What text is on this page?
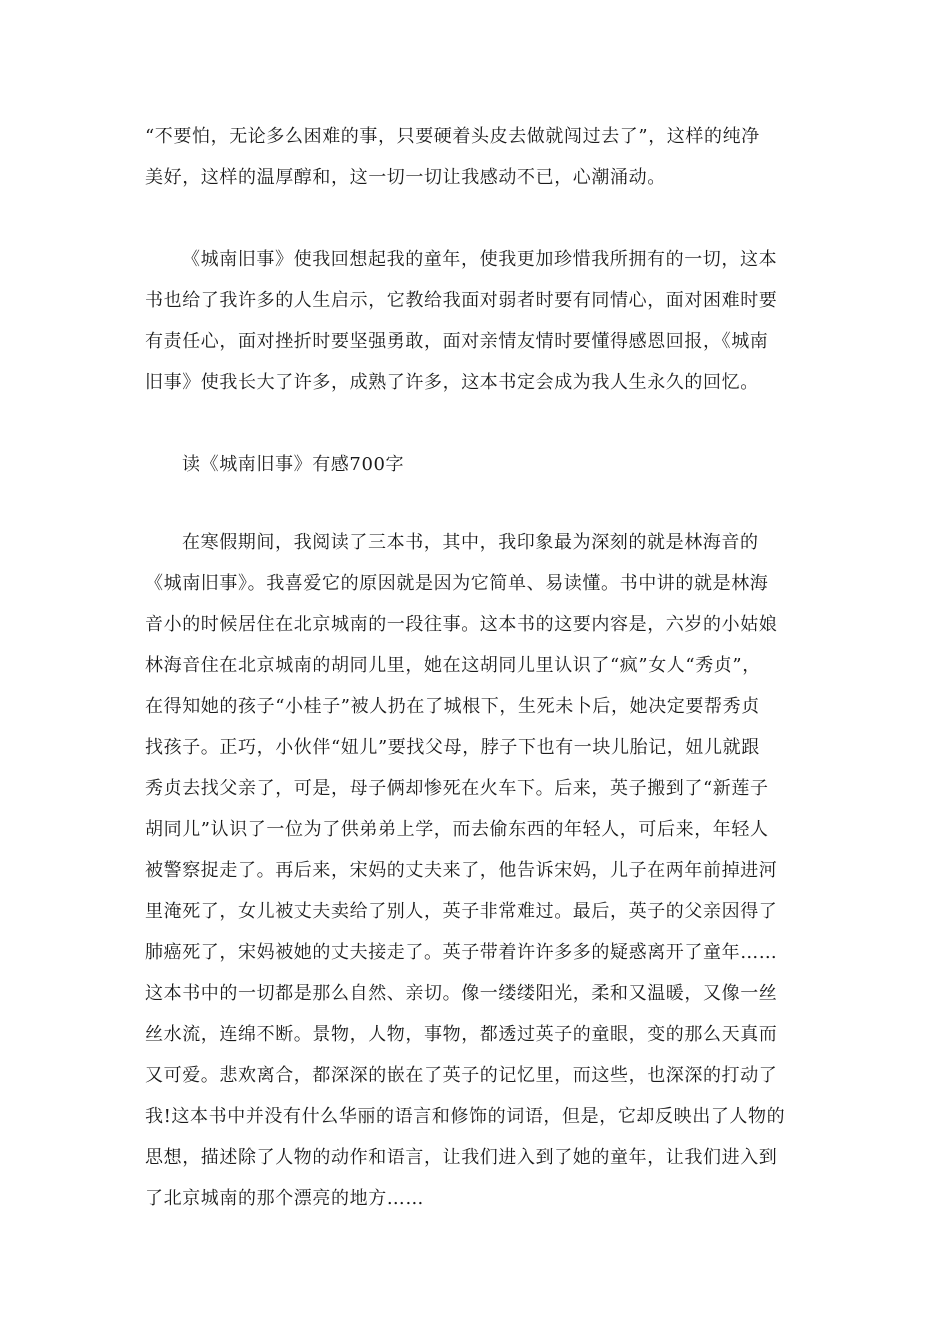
“不要怕，无论多么困难的事，只要硬着头皮去做就闯过去了”，这样的纯净
美好，这样的温厚醇和，这一切一切让我感动不已，心潮涌动。
《城南旧事》使我回想起我的童年，使我更加珍惜我所拥有的一切，这本
书也给了我许多的人生启示，它教给我面对弱者时要有同情心，面对困难时要
有责任心，面对挫折时要坚强勇敢，面对亲情友情时要懂得感恩回报，《城南
旧事》使我长大了许多，成熟了许多，这本书定会成为我人生永久的回忆。
读《城南旧事》有感700字
在寒假期间，我阅读了三本书，其中，我印象最为深刻的就是林海音的
《城南旧事》。我喜爱它的原因就是因为它简单、易读懂。书中讲的就是林海
音小的时候居住在北京城南的一段往事。这本书的这要内容是，六岁的小姑娘
林海音住在北京城南的胡同儿里，她在这胡同儿里认识了“疯”女人“秀贞”，
在得知她的孩子“小桂子”被人扔在了城根下，生死未卜后，她决定要帮秀贞
找孩子。正巧，小伙伴“妞儿”要找父母，脖子下也有一块儿胎记，妞儿就跟
秀贞去找父亲了，可是，母子俩却惨死在火车下。后来，英子搬到了“新莲子
胡同儿”认识了一位为了供弟弟上学，而去偷东西的年轻人，可后来，年轻人
被警察捉走了。再后来，宋妈的丈夫来了，他告诉宋妈，儿子在两年前掉进河
里淹死了，女儿被丈夫卖给了别人，英子非常难过。最后，英子的父亲因得了
肺癌死了，宋妈被她的丈夫接走了。英子带着许许多多的疑惑离开了童年……
这本书中的一切都是那么自然、亲切。像一缕缕阳光，柔和又温暖，又像一丝
丝水流，连绵不断。景物，人物，事物，都透过英子的童眼，变的那么天真而
又可爱。悲欢离合，都深深的嵌在了英子的记忆里，而这些，也深深的打动了
我!这本书中并没有什么华丽的语言和修饰的词语，但是，它却反映出了人物的
思想，描述除了人物的动作和语言，让我们进入到了她的童年，让我们进入到
了北京城南的那个漂亮的地方……
